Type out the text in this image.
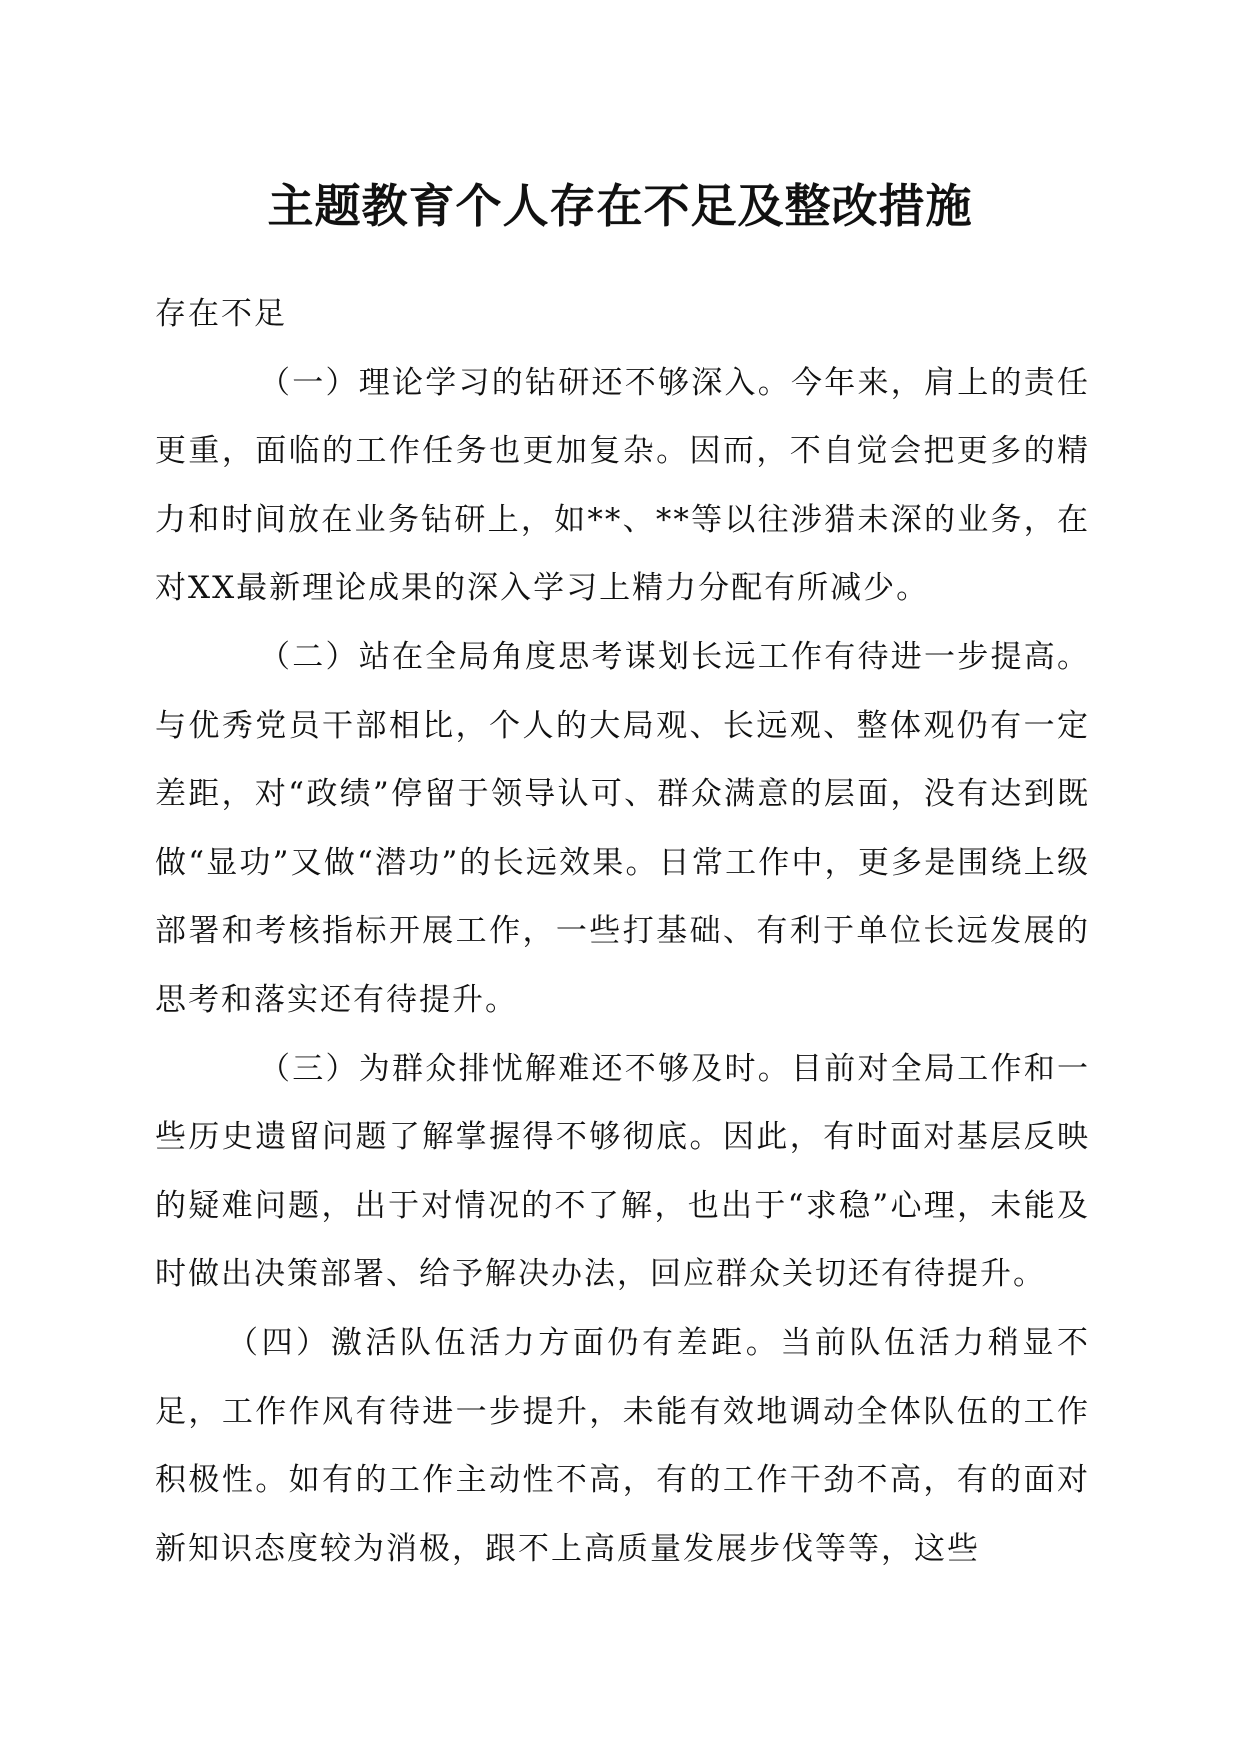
主题教育个人存在不足及整改措施

存在不足

（一）理论学习的钻研还不够深入。今年来，肩上的责任更重，面临的工作任务也更加复杂。因而，不自觉会把更多的精力和时间放在业务钻研上，如**、**等以往涉猎未深的业务，在对XX最新理论成果的深入学习上精力分配有所减少。

（二）站在全局角度思考谋划长远工作有待进一步提高。与优秀党员干部相比，个人的大局观、长远观、整体观仍有一定差距，对“政绩”停留于领导认可、群众满意的层面，没有达到既做“显功”又做“潜功”的长远效果。日常工作中，更多是围绕上级部署和考核指标开展工作，一些打基础、有利于单位长远发展的思考和落实还有待提升。

（三）为群众排忧解难还不够及时。目前对全局工作和一些历史遗留问题了解掌握得不够彻底。因此，有时面对基层反映的疑难问题，出于对情况的不了解，也出于“求稳”心理，未能及时做出决策部署、给予解决办法，回应群众关切还有待提升。

（四）激活队伍活力方面仍有差距。当前队伍活力稍显不足，工作作风有待进一步提升，未能有效地调动全体队伍的工作积极性。如有的工作主动性不高，有的工作干劲不高，有的面对新知识态度较为消极，跟不上高质量发展步伐等等，这些
